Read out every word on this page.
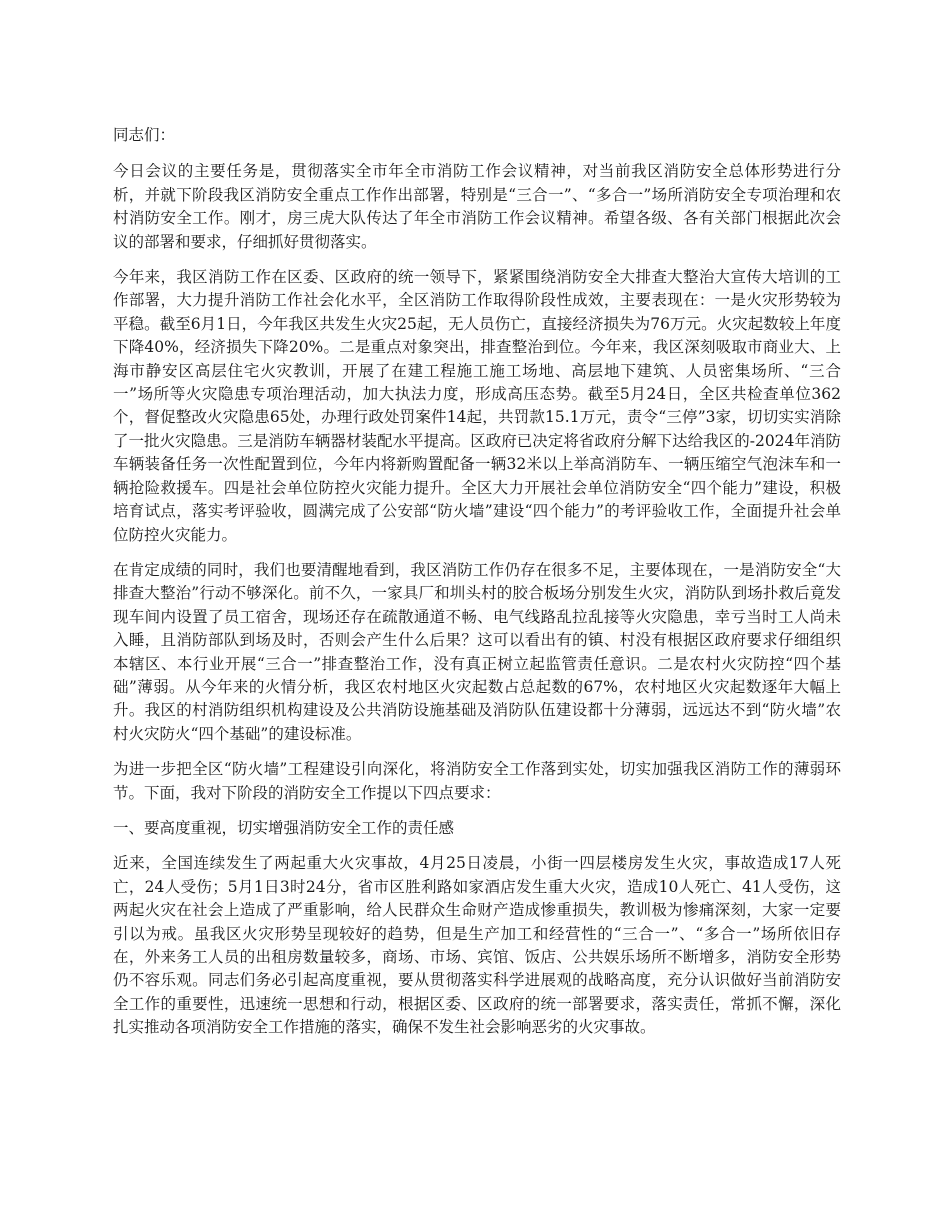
同志们：

今日会议的主要任务是，贯彻落实全市年全市消防工作会议精神，对当前我区消防安全总体形势进行分析，并就下阶段我区消防安全重点工作作出部署，特别是“三合一”、“多合一”场所消防安全专项治理和农村消防安全工作。刚才，房三虎大队传达了年全市消防工作会议精神。希望各级、各有关部门根据此次会议的部署和要求，仔细抓好贯彻落实。

今年来，我区消防工作在区委、区政府的统一领导下，紧紧围绕消防安全大排查大整治大宣传大培训的工作部署，大力提升消防工作社会化水平，全区消防工作取得阶段性成效，主要表现在：一是火灾形势较为平稳。截至6月1日，今年我区共发生火灾25起，无人员伤亡，直接经济损失为76万元。火灾起数较上年度下降40%，经济损失下降20%。二是重点对象突出，排查整治到位。今年来，我区深刻吸取市商业大、上海市静安区高层住宅火灾教训，开展了在建工程施工施工场地、高层地下建筑、人员密集场所、“三合一”场所等火灾隐患专项治理活动，加大执法力度，形成高压态势。截至5月24日，全区共检查单位362个，督促整改火灾隐患65处，办理行政处罚案件14起，共罚款15.1万元，责令“三停”3家，切切实实消除了一批火灾隐患。三是消防车辆器材装配水平提高。区政府已决定将省政府分解下达给我区的-2024年消防车辆装备任务一次性配置到位，今年内将新购置配备一辆32米以上举高消防车、一辆压缩空气泡沫车和一辆抢险救援车。四是社会单位防控火灾能力提升。全区大力开展社会单位消防安全“四个能力”建设，积极培育试点，落实考评验收，圆满完成了公安部“防火墙”建设“四个能力”的考评验收工作，全面提升社会单位防控火灾能力。

在肯定成绩的同时，我们也要清醒地看到，我区消防工作仍存在很多不足，主要体现在，一是消防安全“大排查大整治”行动不够深化。前不久，一家具厂和圳头村的胶合板场分别发生火灾，消防队到场扑救后竟发现车间内设置了员工宿舍，现场还存在疏散通道不畅、电气线路乱拉乱接等火灾隐患，幸亏当时工人尚未入睡，且消防部队到场及时，否则会产生什么后果？这可以看出有的镇、村没有根据区政府要求仔细组织本辖区、本行业开展“三合一”排查整治工作，没有真正树立起监管责任意识。二是农村火灾防控“四个基础”薄弱。从今年来的火情分析，我区农村地区火灾起数占总起数的67%，农村地区火灾起数逐年大幅上升。我区的村消防组织机构建设及公共消防设施基础及消防队伍建设都十分薄弱，远远达不到“防火墙”农村火灾防火“四个基础”的建设标准。

为进一步把全区“防火墙”工程建设引向深化，将消防安全工作落到实处，切实加强我区消防工作的薄弱环节。下面，我对下阶段的消防安全工作提以下四点要求：

一、要高度重视，切实增强消防安全工作的责任感

近来，全国连续发生了两起重大火灾事故，4月25日凌晨，小街一四层楼房发生火灾，事故造成17人死亡，24人受伤；5月1日3时24分，省市区胜利路如家酒店发生重大火灾，造成10人死亡、41人受伤，这两起火灾在社会上造成了严重影响，给人民群众生命财产造成惨重损失，教训极为惨痛深刻，大家一定要引以为戒。虽我区火灾形势呈现较好的趋势，但是生产加工和经营性的“三合一”、“多合一”场所依旧存在，外来务工人员的出租房数量较多，商场、市场、宾馆、饭店、公共娱乐场所不断增多，消防安全形势仍不容乐观。同志们务必引起高度重视，要从贯彻落实科学进展观的战略高度，充分认识做好当前消防安全工作的重要性，迅速统一思想和行动，根据区委、区政府的统一部署要求，落实责任，常抓不懈，深化扎实推动各项消防安全工作措施的落实，确保不发生社会影响恶劣的火灾事故。
